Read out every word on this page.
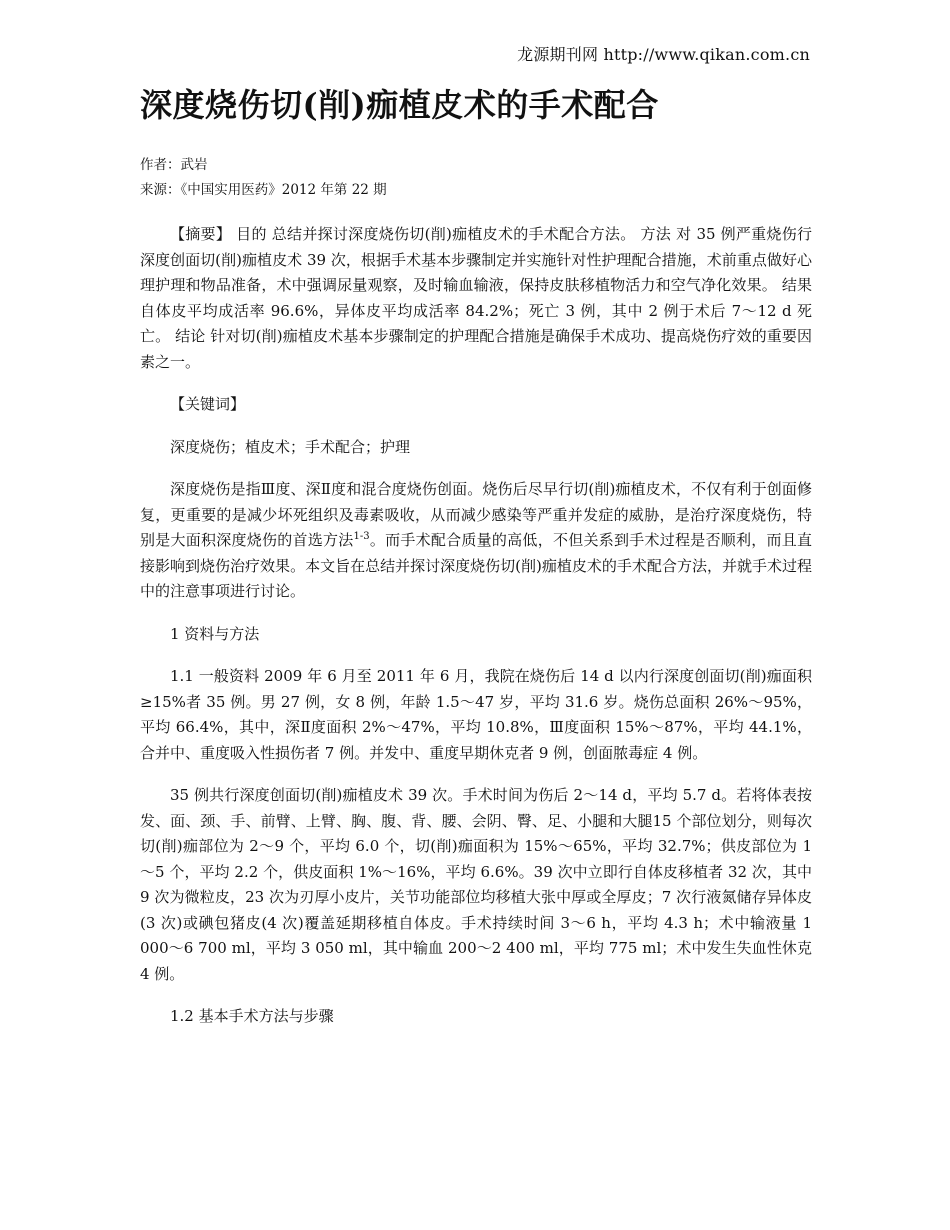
龙源期刊网 http://www.qikan.com.cn
深度烧伤切(削)痂植皮术的手术配合
作者：武岩
来源：《中国实用医药》2012 年第 22 期

【摘要】 目的 总结并探讨深度烧伤切(削)痂植皮术的手术配合方法。 方法 对 35 例严重烧伤行深度创面切(削)痂植皮术 39 次，根据手术基本步骤制定并实施针对性护理配合措施，术前重点做好心理护理和物品准备，术中强调尿量观察，及时输血输液，保持皮肤移植物活力和空气净化效果。 结果 自体皮平均成活率 96.6%，异体皮平均成活率 84.2%；死亡 3 例，其中 2 例于术后 7～12 d 死亡。 结论 针对切(削)痂植皮术基本步骤制定的护理配合措施是确保手术成功、提高烧伤疗效的重要因素之一。

【关键词】

深度烧伤；植皮术；手术配合；护理

深度烧伤是指Ⅲ度、深Ⅱ度和混合度烧伤创面。烧伤后尽早行切(削)痂植皮术，不仅有利于创面修复，更重要的是减少坏死组织及毒素吸收，从而减少感染等严重并发症的威胁，是治疗深度烧伤，特别是大面积深度烧伤的首选方法$^{1-3}$。而手术配合质量的高低，不但关系到手术过程是否顺利，而且直接影响到烧伤治疗效果。本文旨在总结并探讨深度烧伤切(削)痂植皮术的手术配合方法，并就手术过程中的注意事项进行讨论。

1 资料与方法

1.1 一般资料 2009 年 6 月至 2011 年 6 月，我院在烧伤后 14 d 以内行深度创面切(削)痂面积≥15%者 35 例。男 27 例，女 8 例，年龄 1.5～47 岁，平均 31.6 岁。烧伤总面积 26%～95%，平均 66.4%，其中，深Ⅱ度面积 2%～47%，平均 10.8%，Ⅲ度面积 15%～87%，平均 44.1%，合并中、重度吸入性损伤者 7 例。并发中、重度早期休克者 9 例，创面脓毒症 4 例。

35 例共行深度创面切(削)痂植皮术 39 次。手术时间为伤后 2～14 d，平均 5.7 d。若将体表按发、面、颈、手、前臂、上臂、胸、腹、背、腰、会阴、臀、足、小腿和大腿15 个部位划分，则每次切(削)痂部位为 2～9 个，平均 6.0 个，切(削)痂面积为 15%～65%，平均 32.7%；供皮部位为 1～5 个，平均 2.2 个，供皮面积 1%～16%，平均 6.6%。39 次中立即行自体皮移植者 32 次，其中 9 次为微粒皮，23 次为刃厚小皮片，关节功能部位均移植大张中厚或全厚皮；7 次行液氮储存异体皮(3 次)或碘包猪皮(4 次)覆盖延期移植自体皮。手术持续时间 3～6 h，平均 4.3 h；术中输液量 1 000～6 700 ml，平均 3 050 ml，其中输血 200～2 400 ml，平均 775 ml；术中发生失血性休克 4 例。

1.2 基本手术方法与步骤
